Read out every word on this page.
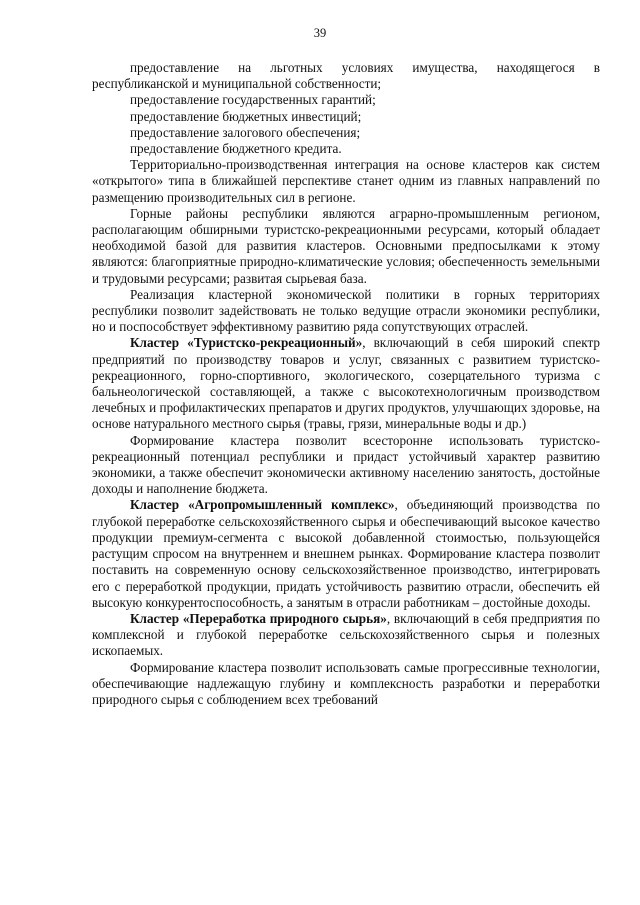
39

предоставление на льготных условиях имущества, находящегося в республиканской и муниципальной собственности;

предоставление государственных гарантий;

предоставление бюджетных инвестиций;

предоставление залогового обеспечения;

предоставление бюджетного кредита.

Территориально-производственная интеграция на основе кластеров как систем «открытого» типа в ближайшей перспективе станет одним из главных направлений по размещению производительных сил в регионе.

Горные районы республики являются аграрно-промышленным регионом, располагающим обширными туристско-рекреационными ресурсами, который обладает необходимой базой для развития кластеров. Основными предпосылками к этому являются: благоприятные природно-климатические условия; обеспеченность земельными и трудовыми ресурсами; развитая сырьевая база.

Реализация кластерной экономической политики в горных территориях республики позволит задействовать не только ведущие отрасли экономики республики, но и поспособствует эффективному развитию ряда сопутствующих отраслей.

Кластер «Туристско-рекреационный», включающий в себя широкий спектр предприятий по производству товаров и услуг, связанных с развитием туристско-рекреационного, горно-спортивного, экологического, созерцательного туризма с бальнеологической составляющей, а также с высокотехнологичным производством лечебных и профилактических препаратов и других продуктов, улучшающих здоровье, на основе натурального местного сырья (травы, грязи, минеральные воды и др.)

Формирование кластера позволит всесторонне использовать туристско-рекреационный потенциал республики и придаст устойчивый характер развитию экономики, а также обеспечит экономически активному населению занятость, достойные доходы и наполнение бюджета.

Кластер «Агропромышленный комплекс», объединяющий производства по глубокой переработке сельскохозяйственного сырья и обеспечивающий высокое качество продукции премиум-сегмента с высокой добавленной стоимостью, пользующейся растущим спросом на внутреннем и внешнем рынках. Формирование кластера позволит поставить на современную основу сельскохозяйственное производство, интегрировать его с переработкой продукции, придать устойчивость развитию отрасли, обеспечить ей высокую конкурентоспособность, а занятым в отрасли работникам – достойные доходы.

Кластер «Переработка природного сырья», включающий в себя предприятия по комплексной и глубокой переработке сельскохозяйственного сырья и полезных ископаемых.

Формирование кластера позволит использовать самые прогрессивные технологии, обеспечивающие надлежащую глубину и комплексность разработки и переработки природного сырья с соблюдением всех требований
